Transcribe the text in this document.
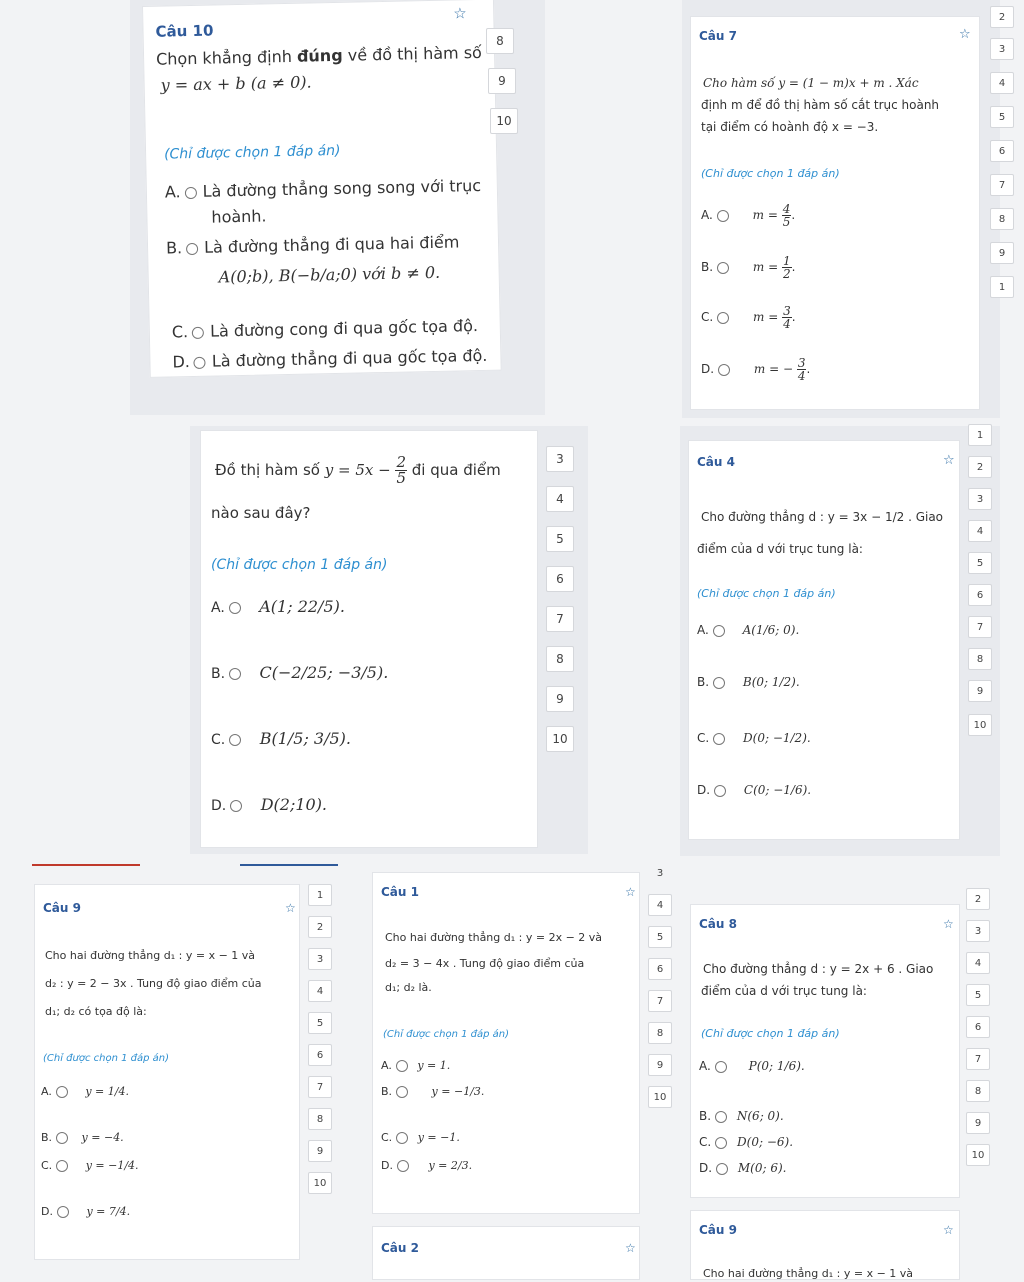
Câu 10
☆
Chọn khẳng định đúng về đồ thị hàm số
y = ax + b (a ≠ 0).
(Chỉ được chọn 1 đáp án)
A. Là đường thẳng song song với trục
hoành.
B. Là đường thẳng đi qua hai điểm
A(0;b), B(−b/a;0) với b ≠ 0.
C. Là đường cong đi qua gốc tọa độ.
D. Là đường thẳng đi qua gốc tọa độ.
8
9
10
Câu 7	☆
Cho hàm số y = (1 − m)x + m . Xác
định m để đồ thị hàm số cắt trục hoành
tại điểm có hoành độ x = −3.
(Chỉ được chọn 1 đáp án)
A.	$m = \frac{4}{5}$ .
B.	$m = \frac{1}{2}$ .
C.	$m = \frac{3}{4}$ .
D.	m = − $\frac{3}{4}$ .
2
3
4
5
6
7
8
9
1
Đồ thị hàm số $y = 5x - \frac{2}{5}$ đi qua điểm
nào sau đây?
(Chỉ được chọn 1 đáp án)
A. A(1; 22/5).
B. C(−2/25; −3/5).
C. B(1/5; 3/5).
D. D(2;10).
3
4
5
6
7
8
9
10
Câu 4	☆
Cho đường thẳng d : y = 3x − 1/2 . Giao
điểm của d với trục tung là:
(Chỉ được chọn 1 đáp án)
A.	A(1/6; 0).
B.	B(0; 1/2).
C.	D(0; −1/2).
D.	C(0; −1/6).
1
2
3
4
5
6
7
8
9
10
Câu 9	☆
Cho hai đường thẳng d₁ : y = x − 1 và
d₂ : y = 2 − 3x . Tung độ giao điểm của
d₁; d₂ có tọa độ là:
(Chỉ được chọn 1 đáp án)
A.	y = 1/4.
B.	y = −4.
C.	y = −1/4.
D.	y = 7/4.
1
2
3
4
5
6
7
8
9
10
Câu 1	☆
Cho hai đường thẳng d₁ : y = 2x − 2 và
d₂ = 3 − 4x . Tung độ giao điểm của
d₁; d₂ là.
(Chỉ được chọn 1 đáp án)
A. y = 1.
B.	y = −1/3.
C. y = −1.
D.	y = 2/3.
3
4
5
6
7
8
9
10
Câu 2	☆
Câu 8	☆
Cho đường thẳng d : y = 2x + 6 . Giao
điểm của d với trục tung là:
(Chỉ được chọn 1 đáp án)
A.	P(0; 1/6).
B. N(6; 0).
C. D(0; −6).
D. M(0; 6).
2
3
4
5
6
7
8
9
10
Câu 9	☆
Cho hai đường thẳng d₁ : y = x − 1 và
